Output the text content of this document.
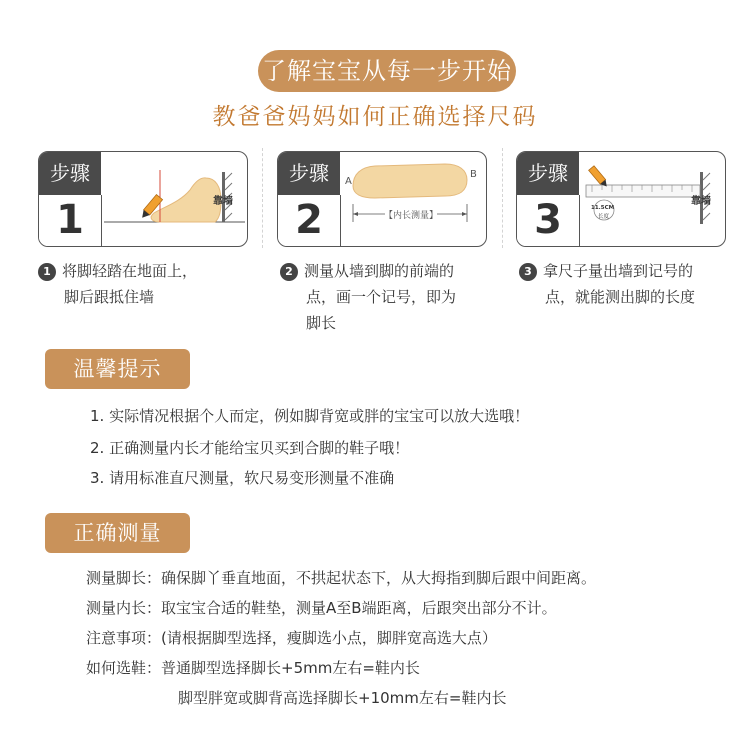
了解宝宝从每一步开始
教爸爸妈妈如何正确选择尺码
步骤
1	靠墙
步骤
2
A
B
【内长测量】
步骤
3	11.5CM
长度
靠墙
1 将脚轻踏在地面上，
脚后跟抵住墙
2 测量从墙到脚的前端的
点，画一个记号，即为
脚长
3 拿尺子量出墙到记号的
点，就能测出脚的长度
温馨提示
1. 实际情况根据个人而定，例如脚背宽或胖的宝宝可以放大选哦！
2. 正确测量内长才能给宝贝买到合脚的鞋子哦！
3. 请用标准直尺测量，软尺易变形测量不准确
正确测量
测量脚长：确保脚丫垂直地面，不拱起状态下，从大拇指到脚后跟中间距离。
测量内长：取宝宝合适的鞋垫，测量A至B端距离，后跟突出部分不计。
注意事项：(请根据脚型选择，瘦脚选小点，脚胖宽高选大点）
如何选鞋：普通脚型选择脚长+5mm左右=鞋内长
脚型胖宽或脚背高选择脚长+10mm左右=鞋内长
